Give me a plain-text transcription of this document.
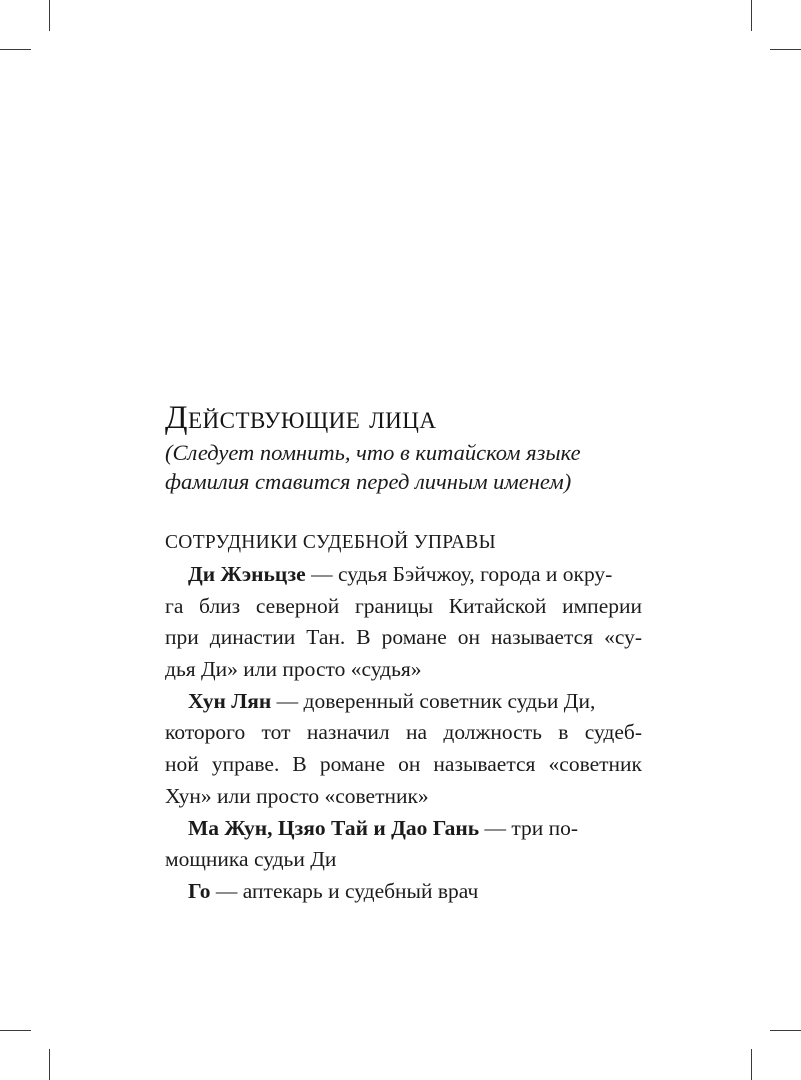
Действующие лица

(Следует помнить, что в китайском языке

фамилия ставится перед личным именем)

СОТРУДНИКИ СУДЕБНОЙ УПРАВЫ
Ди Жэньцзе — судья Бэйчжоу, города и окру-
га близ северной границы Китайской империи
при династии Тан. В романе он называется «су-
дья Ди» или просто «судья»
Хун Лян — доверенный советник судьи Ди,
которого тот назначил на должность в судеб-
ной управе. В романе он называется «советник
Хун» или просто «советник»
Ма Жун, Цзяо Тай и Дао Гань — три по-
мощника судьи Ди
Го — аптекарь и судебный врач
